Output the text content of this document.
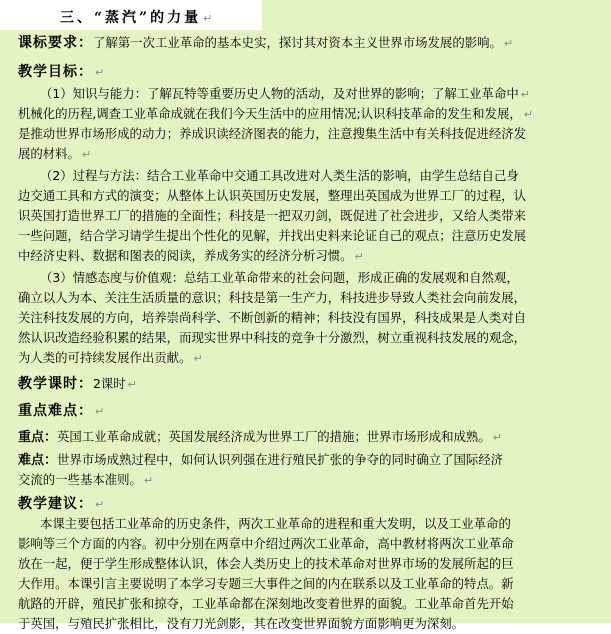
三、“蒸汽”的力量 ↵
课标要求：了解第一次工业革命的基本史实，探讨其对资本主义世界市场发展的影响。 ↵
教学目标： ↵
（1）知识与能力：了解瓦特等重要历史人物的活动，及对世界的影响；了解工业革命中 ↵
机械化的历程,调查工业革命成就在我们今天生活中的应用情况;认识科技革命的发生和发展， ↵
是推动世界市场形成的动力；养成识读经济图表的能力，注意搜集生活中有关科技促进经济发
展的材料。 ↵
（2）过程与方法：结合工业革命中交通工具改进对人类生活的影响，由学生总结自己身
边交通工具和方式的演变；从整体上认识英国历史发展，整理出英国成为世界工厂的过程，认
识英国打造世界工厂的措施的全面性；科技是一把双刃剑，既促进了社会进步，又给人类带来
一些问题，结合学习请学生提出个性化的见解，并找出史料来论证自己的观点；注意历史发展
中经济史料、数据和图表的阅读，养成务实的经济分析习惯。 ↵
（3）情感态度与价值观：总结工业革命带来的社会问题，形成正确的发展观和自然观，
确立以人为本、关注生活质量的意识；科技是第一生产力，科技进步导致人类社会向前发展，
关注科技发展的方向，培养崇尚科学、不断创新的精神；科技没有国界，科技成果是人类对自
然认识改造经验积累的结果，而现实世界中科技的竞争十分激烈，树立重视科技发展的观念，
为人类的可持续发展作出贡献。 ↵
教学课时：2课时 ↵
重点难点： ↵
重点：英国工业革命成就；英国发展经济成为世界工厂的措施；世界市场形成和成熟。 ↵
难点：世界市场成熟过程中，如何认识列强在进行殖民扩张的争夺的同时确立了国际经济
交流的一些基本准则。 ↵
教学建议： ↵
本课主要包括工业革命的历史条件，两次工业革命的进程和重大发明，以及工业革命的
影响等三个方面的内容。初中分别在两章中介绍过两次工业革命，高中教材将两次工业革命
放在一起，便于学生形成整体认识，体会人类历史上的技术革命对世界市场的发展所起的巨
大作用。本课引言主要说明了本学习专题三大事件之间的内在联系以及工业革命的特点。新
航路的开辟，殖民扩张和掠夺，工业革命都在深刻地改变着世界的面貌。工业革命首先开始
于英国，与殖民扩张相比，没有刀光剑影，其在改变世界面貌方面影响更为深刻。
